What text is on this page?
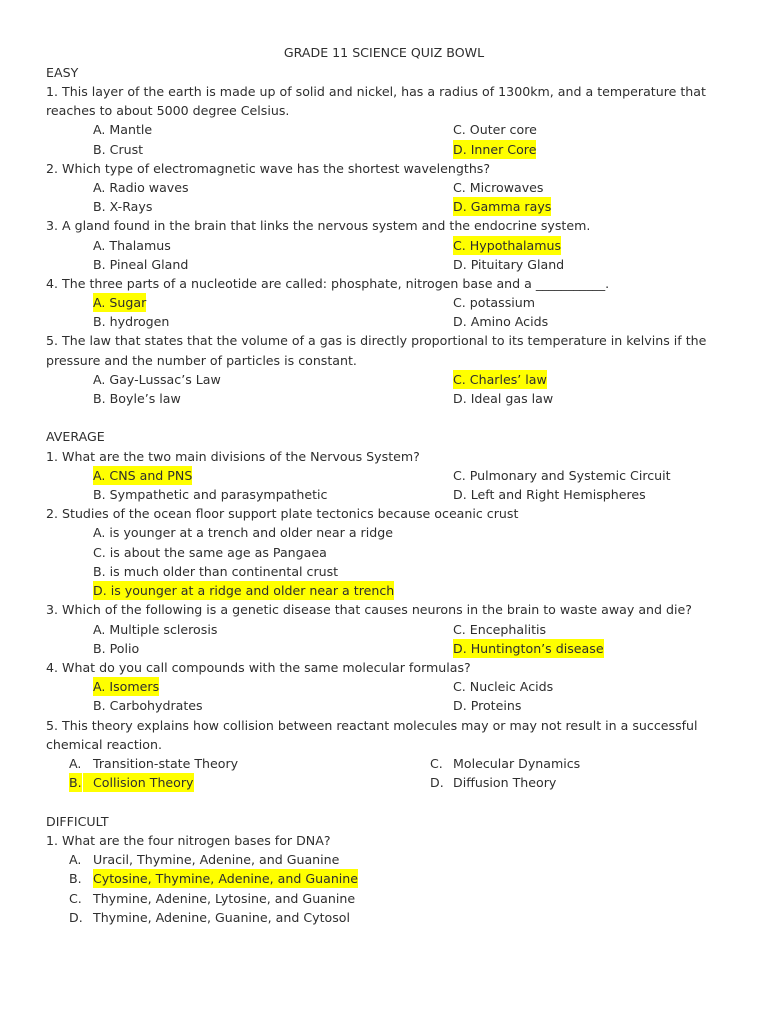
GRADE 11 SCIENCE QUIZ BOWL
EASY
1. This layer of the earth is made up of solid and nickel, has a radius of 1300km, and a temperature that
reaches to about 5000 degree Celsius.
A. Mantle	C. Outer core
B. Crust	D. Inner Core
2. Which type of electromagnetic wave has the shortest wavelengths?
A. Radio waves	C. Microwaves
B. X-Rays	D. Gamma rays
3. A gland found in the brain that links the nervous system and the endocrine system.
A. Thalamus	C. Hypothalamus
B. Pineal Gland	D. Pituitary Gland
4. The three parts of a nucleotide are called: phosphate, nitrogen base and a ___________.
A. Sugar	C. potassium
B. hydrogen	D. Amino Acids
5. The law that states that the volume of a gas is directly proportional to its temperature in kelvins if the
pressure and the number of particles is constant.
A. Gay-Lussac’s Law	C. Charles’ law
B. Boyle’s law	D. Ideal gas law
AVERAGE
1. What are the two main divisions of the Nervous System?
A. CNS and PNS	C. Pulmonary and Systemic Circuit
B. Sympathetic and parasympathetic	D. Left and Right Hemispheres
2. Studies of the ocean floor support plate tectonics because oceanic crust
A. is younger at a trench and older near a ridge
C. is about the same age as Pangaea
B. is much older than continental crust
D. is younger at a ridge and older near a trench
3. Which of the following is a genetic disease that causes neurons in the brain to waste away and die?
A. Multiple sclerosis	C. Encephalitis
B. Polio	D. Huntington’s disease
4. What do you call compounds with the same molecular formulas?
A. Isomers	C. Nucleic Acids
B. Carbohydrates	D. Proteins
5. This theory explains how collision between reactant molecules may or may not result in a successful
chemical reaction.
A. Transition-state Theory	C. Molecular Dynamics
B. Collision Theory	D. Diffusion Theory
DIFFICULT
1. What are the four nitrogen bases for DNA?
A. Uracil, Thymine, Adenine, and Guanine
B. Cytosine, Thymine, Adenine, and Guanine
C. Thymine, Adenine, Lytosine, and Guanine
D. Thymine, Adenine, Guanine, and Cytosol
